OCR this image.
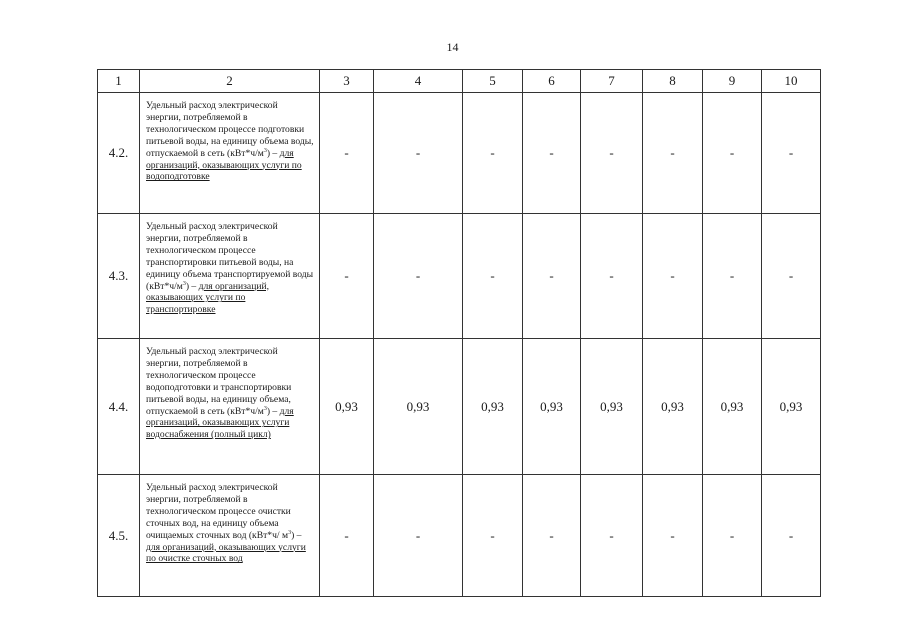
14
1	2	3	4	5	6	7	8	9	10
4.2.	Удельный расход электрической энергии, потребляемой в технологическом процессе подготовки питьевой воды, на единицу объема воды, отпускаемой в сеть $(кВт*ч/м^3)$ – для организаций, оказывающих услуги по водоподготовке	-	-	-	-	-	-	-	-
4.3.	Удельный расход электрической энергии, потребляемой в технологическом процессе транспортировки питьевой воды, на единицу объема транспортируемой воды $(кВт*ч/м^3)$ – для организаций, оказывающих услуги по транспортировке	-	-	-	-	-	-	-	-
4.4.	Удельный расход электрической энергии, потребляемой в технологическом процессе водоподготовки и транспортировки питьевой воды, на единицу объема, отпускаемой в сеть $(кВт*ч/м^3)$ – для организаций, оказывающих услуги водоснабжения (полный цикл)	0,93	0,93	0,93	0,93	0,93	0,93	0,93	0,93
4.5.	Удельный расход электрической энергии, потребляемой в технологическом процессе очистки сточных вод, на единицу объема очищаемых сточных вод (кВт*ч/ $м^3$) – для организаций, оказывающих услуги по очистке сточных вод	-	-	-	-	-	-	-	-
